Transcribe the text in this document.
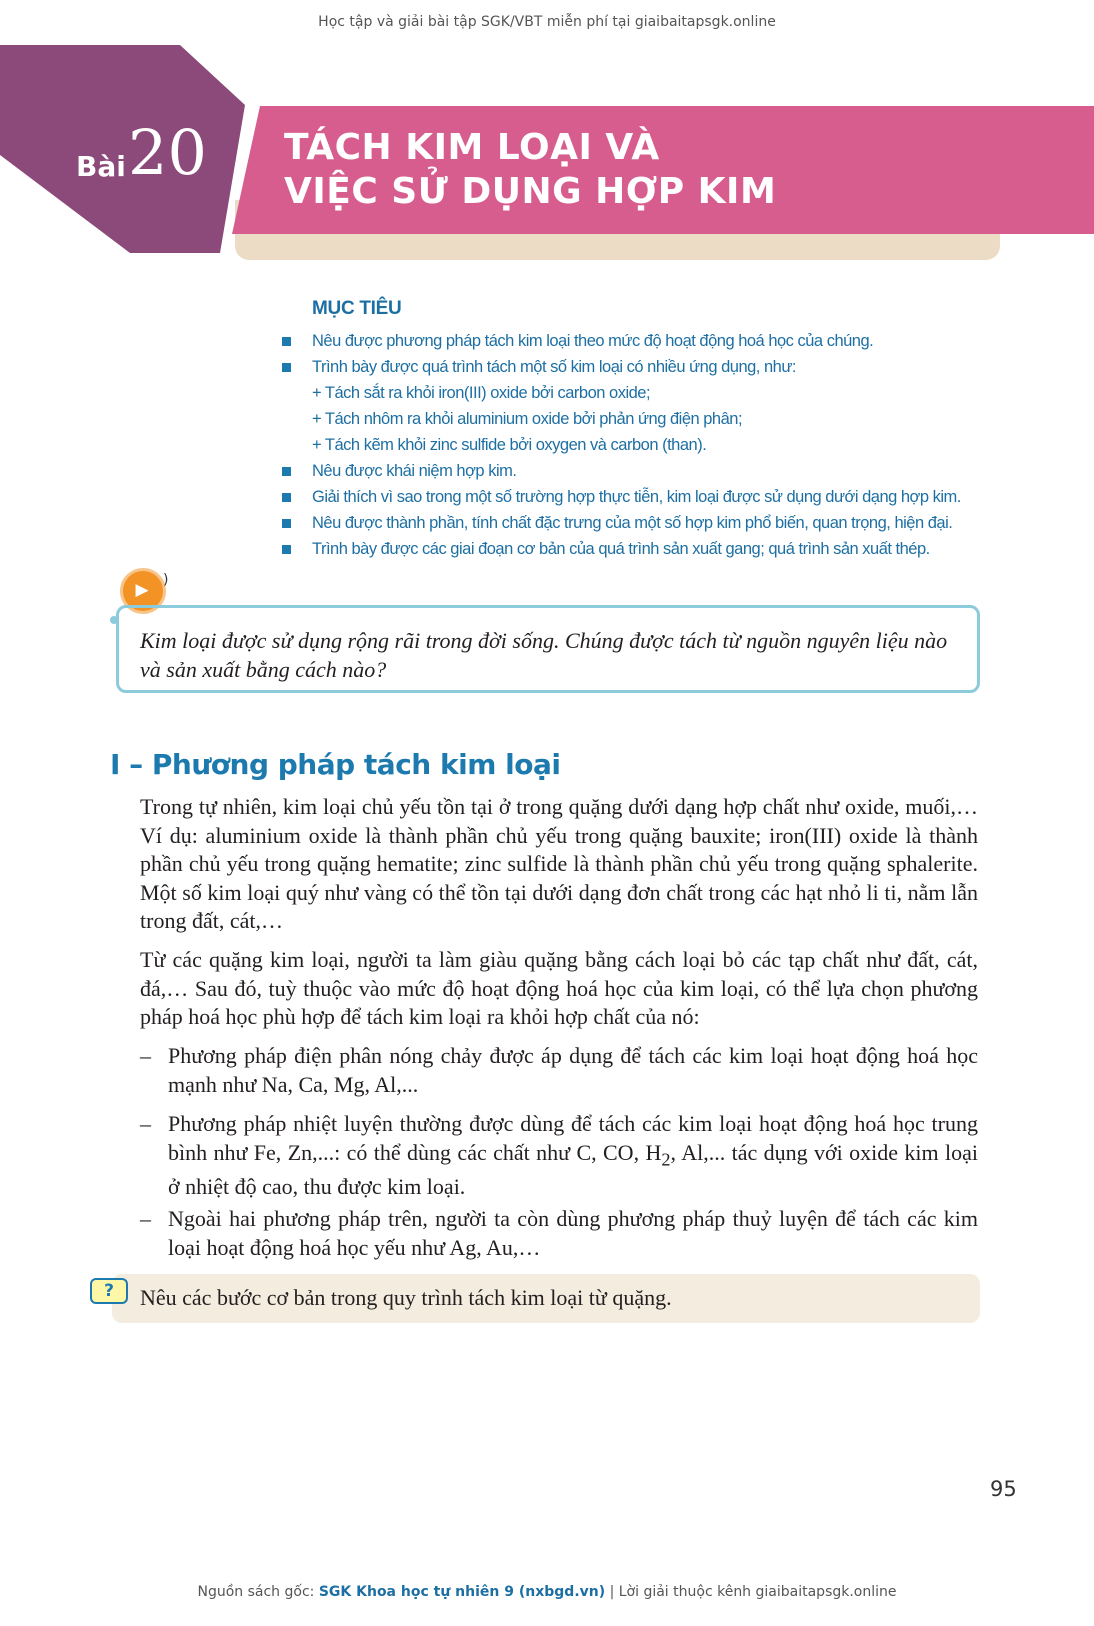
Học tập và giải bài tập SGK/VBT miễn phí tại giaibaitapsgk.online
Bài 20 TÁCH KIM LOẠI VÀ
VIỆC SỬ DỤNG HỢP KIM
MỤC TIÊU
Nêu được phương pháp tách kim loại theo mức độ hoạt động hoá học của chúng.
Trình bày được quá trình tách một số kim loại có nhiều ứng dụng, như:
+ Tách sắt ra khỏi iron(III) oxide bởi carbon oxide;
+ Tách nhôm ra khỏi aluminium oxide bởi phản ứng điện phân;
+ Tách kẽm khỏi zinc sulfide bởi oxygen và carbon (than).
Nêu được khái niệm hợp kim.
Giải thích vì sao trong một số trường hợp thực tiễn, kim loại được sử dụng dưới dạng hợp kim.
Nêu được thành phần, tính chất đặc trưng của một số hợp kim phổ biến, quan trọng, hiện đại.
Trình bày được các giai đoạn cơ bản của quá trình sản xuất gang; quá trình sản xuất thép.
▶ )
Kim loại được sử dụng rộng rãi trong đời sống. Chúng được tách từ nguồn nguyên liệu nào và sản xuất bằng cách nào?
I – Phương pháp tách kim loại
Trong tự nhiên, kim loại chủ yếu tồn tại ở trong quặng dưới dạng hợp chất như oxide, muối,… Ví dụ: aluminium oxide là thành phần chủ yếu trong quặng bauxite; iron(III) oxide là thành phần chủ yếu trong quặng hematite; zinc sulfide là thành phần chủ yếu trong quặng sphalerite. Một số kim loại quý như vàng có thể tồn tại dưới dạng đơn chất trong các hạt nhỏ li ti, nằm lẫn trong đất, cát,…
Từ các quặng kim loại, người ta làm giàu quặng bằng cách loại bỏ các tạp chất như đất, cát, đá,… Sau đó, tuỳ thuộc vào mức độ hoạt động hoá học của kim loại, có thể lựa chọn phương pháp hoá học phù hợp để tách kim loại ra khỏi hợp chất của nó:
– Phương pháp điện phân nóng chảy được áp dụng để tách các kim loại hoạt động hoá học mạnh như Na, Ca, Mg, Al,...
– Phương pháp nhiệt luyện thường được dùng để tách các kim loại hoạt động hoá học trung bình như Fe, Zn,...: có thể dùng các chất như C, CO, $H_2$, Al,... tác dụng với oxide kim loại ở nhiệt độ cao, thu được kim loại.
– Ngoài hai phương pháp trên, người ta còn dùng phương pháp thuỷ luyện để tách các kim loại hoạt động hoá học yếu như Ag, Au,…
?	Nêu các bước cơ bản trong quy trình tách kim loại từ quặng.
95
Nguồn sách gốc: SGK Khoa học tự nhiên 9 (nxbgd.vn) | Lời giải thuộc kênh giaibaitapsgk.online
